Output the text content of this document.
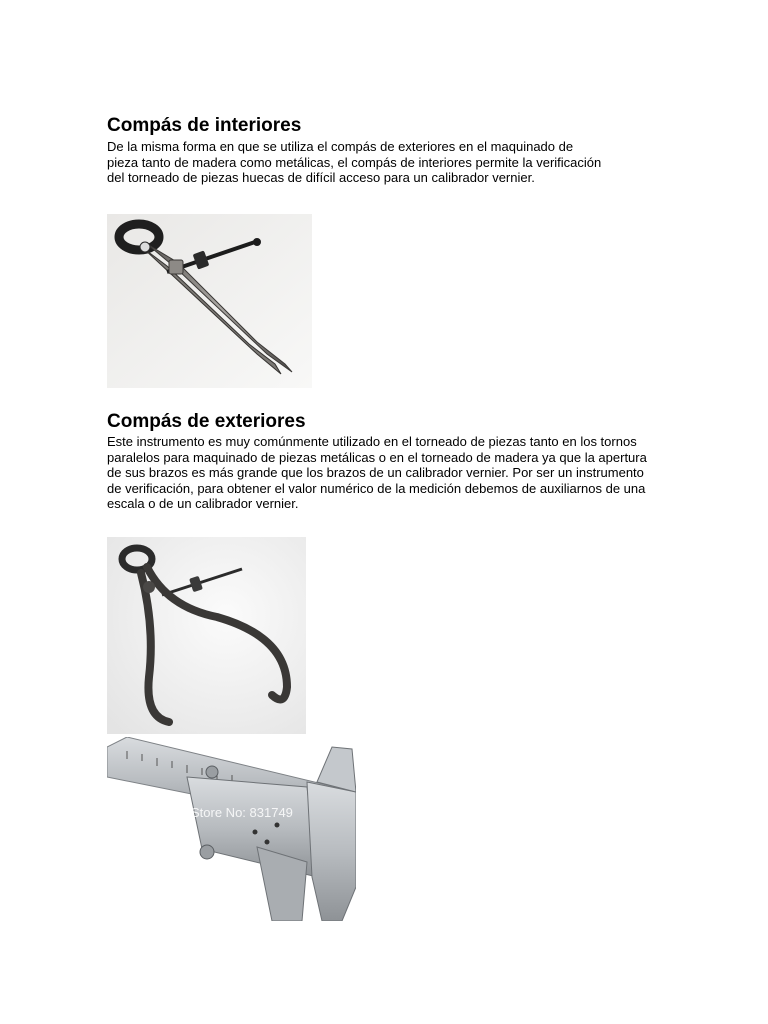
Compás de interiores

De la misma forma en que se utiliza el compás de exteriores en el maquinado de
pieza tanto de madera como metálicas, el compás de interiores permite la verificación
del torneado de piezas huecas de difícil acceso para un calibrador vernier.

Compás de exteriores

Este instrumento es muy comúnmente utilizado en el torneado de piezas tanto en los tornos
paralelos para maquinado de piezas metálicas o en el torneado de madera ya que la apertura
de sus brazos es más grande que los brazos de un calibrador vernier. Por ser un instrumento
de verificación, para obtener el valor numérico de la medición debemos de auxiliarnos de una
escala o de un calibrador vernier.

Store No: 831749
